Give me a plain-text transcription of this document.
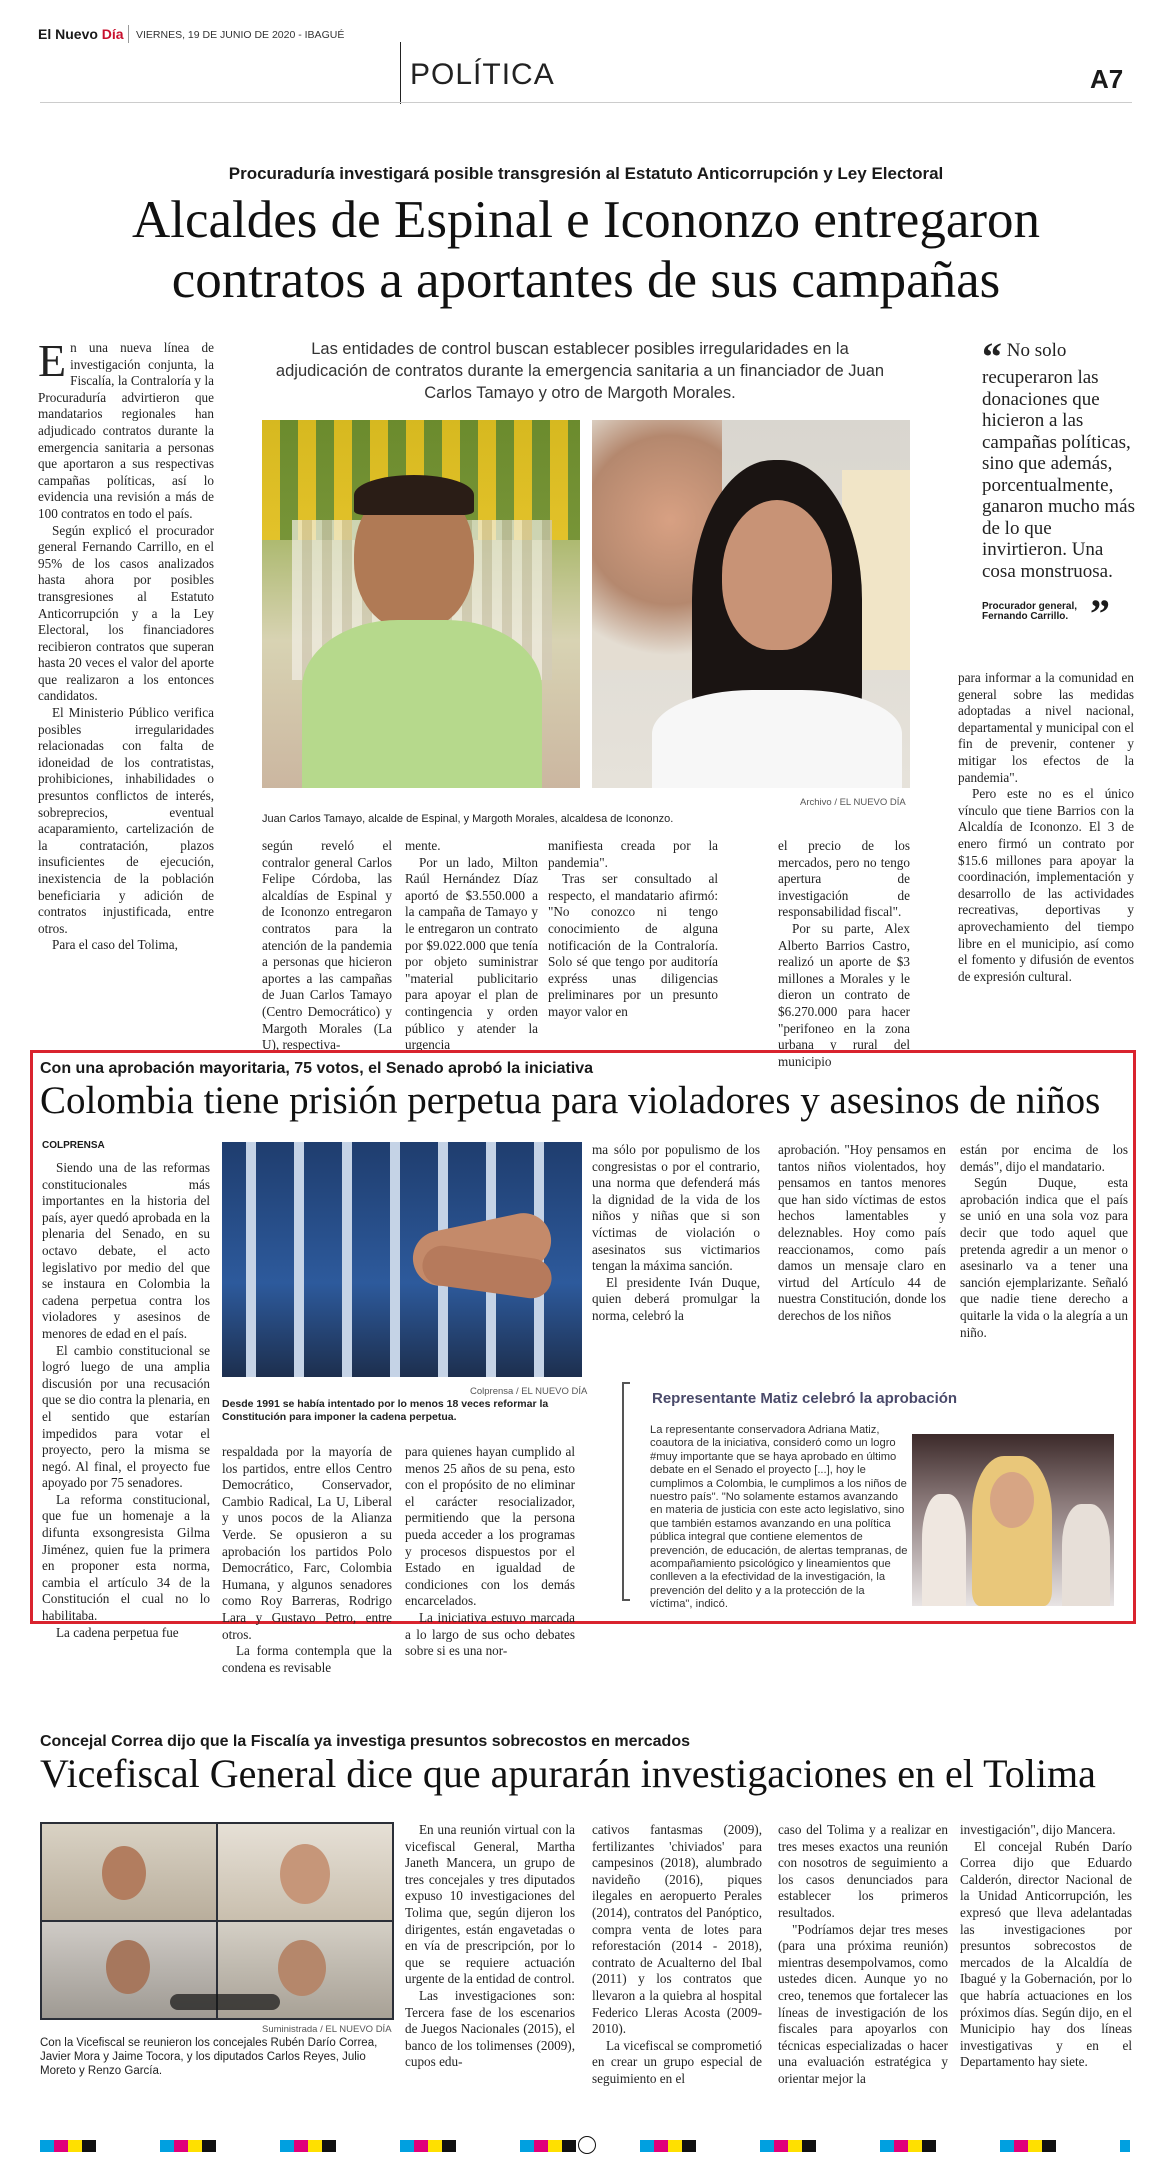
El Nuevo Día VIERNES, 19 DE JUNIO DE 2020 - IBAGUÉ
POLÍTICA	A7
Procuraduría investigará posible transgresión al Estatuto Anticorrupción y Ley Electoral
Alcaldes de Espinal e Icononzo entregaron
contratos a aportantes de sus campañas

En una nueva línea de investigación conjunta, la Fiscalía, la Contraloría y la Procuraduría advirtieron que mandatarios regionales han adjudicado contratos durante la emergencia sanitaria a personas que aportaron a sus respectivas campañas políticas, así lo evidencia una revisión a más de 100 contratos en todo el país.

Según explicó el procurador general Fernando Carrillo, en el 95% de los casos analizados hasta ahora por posibles transgresiones al Estatuto Anticorrupción y a la Ley Electoral, los financiadores recibieron contratos que superan hasta 20 veces el valor del aporte que realizaron a los entonces candidatos.

El Ministerio Público verifica posibles irregularidades relacionadas con falta de idoneidad de los contratistas, prohibiciones, inhabilidades o presuntos conflictos de interés, sobreprecios, eventual acaparamiento, cartelización de la contratación, plazos insuficientes de ejecución, inexistencia de la población beneficiaria y adición de contratos injustificada, entre otros.

Para el caso del Tolima,

Las entidades de control buscan establecer posibles irregularidades en la adjudicación de contratos durante la emergencia sanitaria a un financiador de Juan Carlos Tamayo y otro de Margoth Morales.
Juan Carlos Tamayo, alcalde de Espinal, y Margoth Morales, alcaldesa de Icononzo.
Archivo / EL NUEVO DÍA
“ No solo recuperaron las donaciones que hicieron a las campañas políticas, sino que además, porcentualmente, ganaron mucho más de lo que invirtieron. Una cosa monstruosa.
Procurador general, Fernando Carrillo. ”

según reveló el contralor general Carlos Felipe Córdoba, las alcaldías de Espinal y de Icononzo entregaron contratos para la atención de la pandemia a personas que hicieron aportes a las campañas de Juan Carlos Tamayo (Centro Democrático) y Margoth Morales (La U), respectiva-

mente.

Por un lado, Milton Raúl Hernández Díaz aportó de $3.550.000 a la campaña de Tamayo y le entregaron un contrato por $9.022.000 que tenía por objeto suministrar "material publicitario para apoyar el plan de contingencia y orden público y atender la urgencia

manifiesta creada por la pandemia".

Tras ser consultado al respecto, el mandatario afirmó: "No conozco ni tengo conocimiento de alguna notificación de la Contraloría. Solo sé que tengo por auditoría expréss unas diligencias preliminares por un presunto mayor valor en

el precio de los mercados, pero no tengo apertura de investigación de responsabilidad fiscal".

Por su parte, Alex Alberto Barrios Castro, realizó un aporte de $3 millones a Morales y le dieron un contrato de $6.270.000 para hacer "perifoneo en la zona urbana y rural del municipio

para informar a la comunidad en general sobre las medidas adoptadas a nivel nacional, departamental y municipal con el fin de prevenir, contener y mitigar los efectos de la pandemia".

Pero este no es el único vínculo que tiene Barrios con la Alcaldía de Icononzo. El 3 de enero firmó un contrato por $15.6 millones para apoyar la coordinación, implementación y desarrollo de las actividades recreativas, deportivas y aprovechamiento del tiempo libre en el municipio, así como el fomento y difusión de eventos de expresión cultural.

Con una aprobación mayoritaria, 75 votos, el Senado aprobó la iniciativa
Colombia tiene prisión perpetua para violadores y asesinos de niños
COLPRENSA

Siendo una de las reformas constitucionales más importantes en la historia del país, ayer quedó aprobada en la plenaria del Senado, en su octavo debate, el acto legislativo por medio del que se instaura en Colombia la cadena perpetua contra los violadores y asesinos de menores de edad en el país.

El cambio constitucional se logró luego de una amplia discusión por una recusación que se dio contra la plenaria, en el sentido que estarían impedidos para votar el proyecto, pero la misma se negó. Al final, el proyecto fue apoyado por 75 senadores.

La reforma constitucional, que fue un homenaje a la difunta exsongresista Gilma Jiménez, quien fue la primera en proponer esta norma, cambia el artículo 34 de la Constitución el cual no lo habilitaba.

La cadena perpetua fue

Colprensa / EL NUEVO DÍA
Desde 1991 se había intentado por lo menos 18 veces reformar la Constitución para imponer la cadena perpetua.

respaldada por la mayoría de los partidos, entre ellos Centro Democrático, Conservador, Cambio Radical, La U, Liberal y unos pocos de la Alianza Verde. Se opusieron a su aprobación los partidos Polo Democrático, Farc, Colombia Humana, y algunos senadores como Roy Barreras, Rodrigo Lara y Gustavo Petro, entre otros.

La forma contempla que la condena es revisable

para quienes hayan cumplido al menos 25 años de su pena, esto con el propósito de no eliminar el carácter resocializador, permitiendo que la persona pueda acceder a los programas y procesos dispuestos por el Estado en igualdad de condiciones con los demás encarcelados.

La iniciativa estuvo marcada a lo largo de sus ocho debates sobre si es una nor-

ma sólo por populismo de los congresistas o por el contrario, una norma que defenderá más la dignidad de la vida de los niños y niñas que si son víctimas de violación o asesinatos sus victimarios tengan la máxima sanción.

El presidente Iván Duque, quien deberá promulgar la norma, celebró la

aprobación. "Hoy pensamos en tantos niños violentados, hoy pensamos en tantos menores que han sido víctimas de estos hechos lamentables y deleznables. Hoy como país reaccionamos, como país damos un mensaje claro en virtud del Artículo 44 de nuestra Constitución, donde los derechos de los niños

están por encima de los demás", dijo el mandatario.

Según Duque, esta aprobación indica que el país se unió en una sola voz para decir que todo aquel que pretenda agredir a un menor o asesinarlo va a tener una sanción ejemplarizante. Señaló que nadie tiene derecho a quitarle la vida o la alegría a un niño.

Representante Matiz celebró la aprobación
La representante conservadora Adriana Matiz, coautora de la iniciativa, consideró como un logro #muy importante que se haya aprobado en último debate en el Senado el proyecto [...], hoy le cumplimos a Colombia, le cumplimos a los niños de nuestro país". "No solamente estamos avanzando en materia de justicia con este acto legislativo, sino que también estamos avanzando en una política pública integral que contiene elementos de prevención, de educación, de alertas tempranas, de acompañamiento psicológico y lineamientos que conlleven a la efectividad de la investigación, la prevención del delito y a la protección de la víctima", indicó.
Concejal Correa dijo que la Fiscalía ya investiga presuntos sobrecostos en mercados
Vicefiscal General dice que apurarán investigaciones en el Tolima
Suministrada / EL NUEVO DÍA
Con la Vicefiscal se reunieron los concejales Rubén Darío Correa, Javier Mora y Jaime Tocora, y los diputados Carlos Reyes, Julio Moreto y Renzo García.

En una reunión virtual con la vicefiscal General, Martha Janeth Mancera, un grupo de tres concejales y tres diputados expuso 10 investigaciones del Tolima que, según dijeron los dirigentes, están engavetadas o en vía de prescripción, por lo que se requiere actuación urgente de la entidad de control.

Las investigaciones son: Tercera fase de los escenarios de Juegos Nacionales (2015), el banco de los tolimenses (2009), cupos edu-

cativos fantasmas (2009), fertilizantes 'chiviados' para campesinos (2018), alumbrado navideño (2016), piques ilegales en aeropuerto Perales (2014), contratos del Panóptico, compra venta de lotes para reforestación (2014 - 2018), contrato de Acualterno del Ibal (2011) y los contratos que llevaron a la quiebra al hospital Federico Lleras Acosta (2009-2010).

La vicefiscal se comprometió en crear un grupo especial de seguimiento en el

caso del Tolima y a realizar en tres meses exactos una reunión con nosotros de seguimiento a los casos denunciados para establecer los primeros resultados.

"Podríamos dejar tres meses (para una próxima reunión) mientras desempolvamos, como ustedes dicen. Aunque yo no creo, tenemos que fortalecer las líneas de investigación de los fiscales para apoyarlos con técnicas especializadas o hacer una evaluación estratégica y orientar mejor la

investigación", dijo Mancera.

El concejal Rubén Darío Correa dijo que Eduardo Calderón, director Nacional de la Unidad Anticorrupción, les expresó que lleva adelantadas las investigaciones por presuntos sobrecostos de mercados de la Alcaldía de Ibagué y la Gobernación, por lo que habría actuaciones en los próximos días. Según dijo, en el Municipio hay dos líneas investigativas y en el Departamento hay siete.
